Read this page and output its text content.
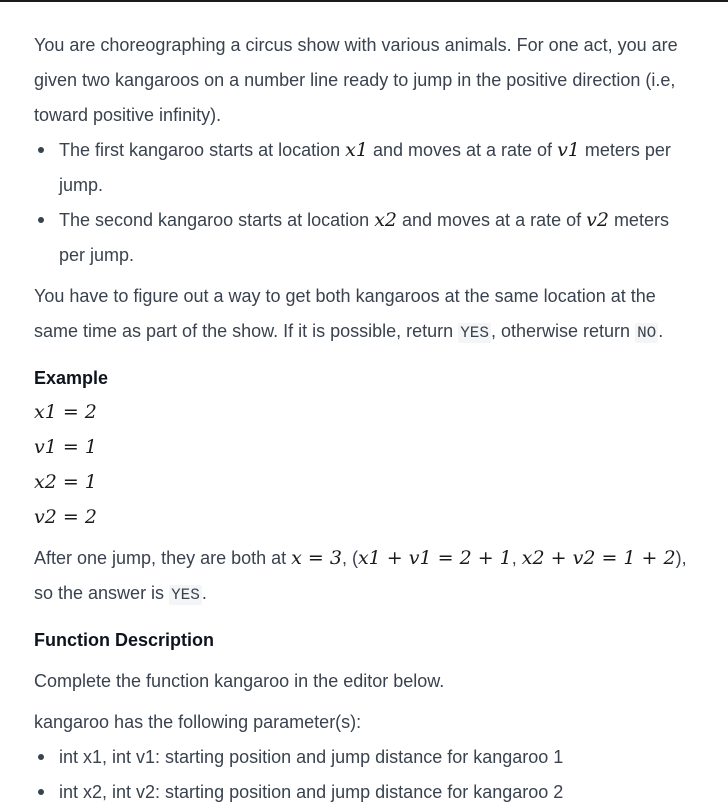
You are choreographing a circus show with various animals. For one act, you are
given two kangaroos on a number line ready to jump in the positive direction (i.e,
toward positive infinity).

The first kangaroo starts at location x1 and moves at a rate of v1 meters per
jump.
The second kangaroo starts at location x2 and moves at a rate of v2 meters
per jump.

You have to figure out a way to get both kangaroos at the same location at the
same time as part of the show. If it is possible, return YES , otherwise return NO .

Example
x1 = 2
v1 = 1
x2 = 1
v2 = 2

After one jump, they are both at x = 3, (x1 + v1 = 2 + 1, x2 + v2 = 1 + 2),
so the answer is YES .

Function Description

Complete the function kangaroo in the editor below.

kangaroo has the following parameter(s):

int x1, int v1: starting position and jump distance for kangaroo 1
int x2, int v2: starting position and jump distance for kangaroo 2
